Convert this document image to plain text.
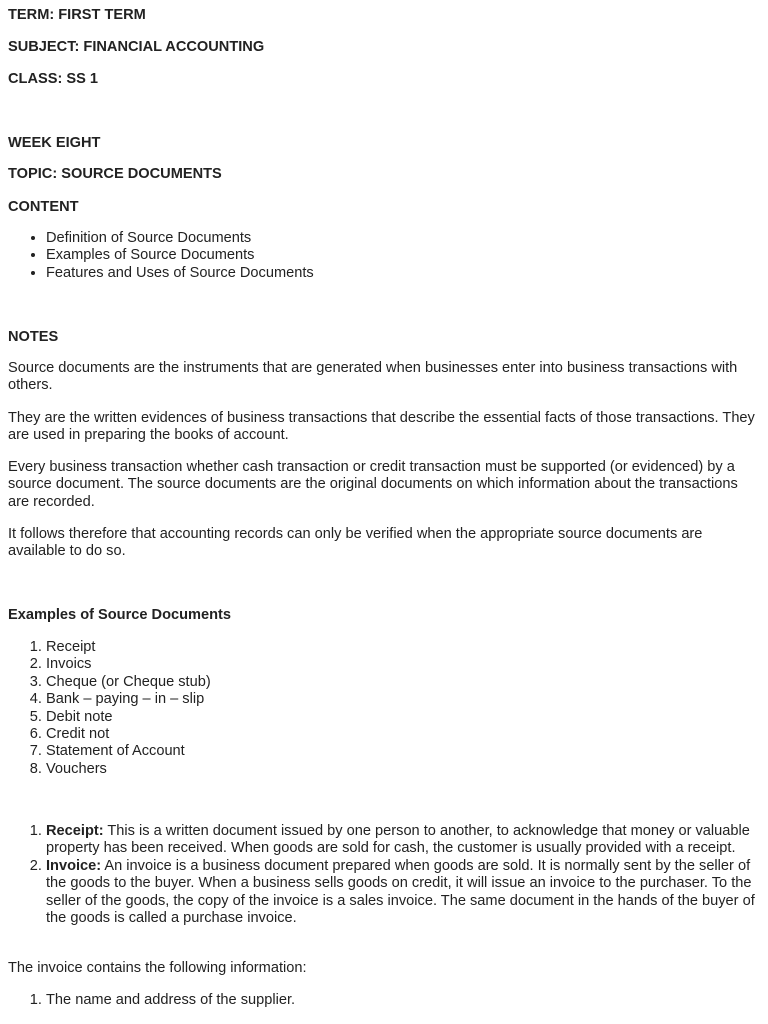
TERM: FIRST TERM

SUBJECT: FINANCIAL ACCOUNTING

CLASS: SS 1

WEEK EIGHT

TOPIC: SOURCE DOCUMENTS

CONTENT

• Definition of Source Documents
• Examples of Source Documents
• Features and Uses of Source Documents

NOTES

Source documents are the instruments that are generated when businesses enter into business transactions with others.

They are the written evidences of business transactions that describe the essential facts of those transactions. They are used in preparing the books of account.

Every business transaction whether cash transaction or credit transaction must be supported (or evidenced) by a source document. The source documents are the original documents on which information about the transactions are recorded.

It follows therefore that accounting records can only be verified when the appropriate source documents are available to do so.

Examples of Source Documents

1. Receipt
2. Invoics
3. Cheque (or Cheque stub)
4. Bank – paying – in – slip
5. Debit note
6. Credit not
7. Statement of Account
8. Vouchers
1. Receipt: This is a written document issued by one person to another, to acknowledge that money or valuable property has been received. When goods are sold for cash, the customer is usually provided with a receipt.
2. Invoice: An invoice is a business document prepared when goods are sold. It is normally sent by the seller of the goods to the buyer. When a business sells goods on credit, it will issue an invoice to the purchaser. To the seller of the goods, the copy of the invoice is a sales invoice. The same document in the hands of the buyer of the goods is called a purchase invoice.

The invoice contains the following information:

1. The name and address of the supplier.
